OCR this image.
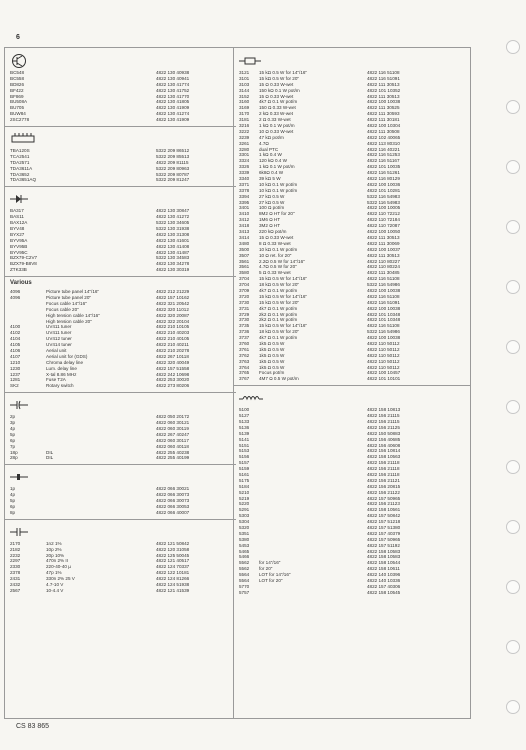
6
BC548	4822 130 40938
BC558	4822 130 40941
BD826	4822 130 41774
BF422	4822 130 41752
BF869	4822 130 41770
BU508A	4822 130 41805
BU705	4822 130 41909
BUW84	4822 130 41274
2SC2778	4822 130 41909
TBA120S	5322 209 86512
TCA2541	5322 209 85513
TDA2571	4822 209 81115
TDA3611A	5322 209 80963
TDA3652	5322 209 80787
TDA3651AQ	5322 209 81247
BA317	4822 130 30847
BAS11	4822 130 41272
BAX12A	5322 130 34605
BYV48	5322 130 31938
BYX27	4822 130 31308
BYV95A	4822 130 41601
BYV95B	4822 130 41408
BYV95C	4822 130 41487
BZX79-C2V7	5322 130 34583
BZX79-B8V8	4822 130 34278
ZTK33B	4822 130 30319
Various
4096	Picture tube panel 14"/16"	4822 212 21229
4096	Picture tube panel 20"	4822 157 10162
Focus cable 14"/16"	4822 321 20542
Focus cable 20"	4822 320 11012
High tension cable 14"/16"	4822 320 20087
High tension cable 20"	4822 322 20104
4100	UV411 tuner	4822 210 10105
4102	UV411 tuner	4822 210 40203
4104	UV412 tuner	4822 210 40105
4105	UV414 tuner	4822 210 40211
4106	Aerial unit	4822 210 20278
4107	Aerial unit for (GDS)	4822 267 10118
1210	Chroma delay line	4822 320 40049
1230	Lum. delay line	4822 157 51558
1237	X-tal 8.86 MHz	4822 242 10698
1281	Fuse T2A	4822 253 30020
SK2	Rotary switch	4822 273 80206
2p	4822 050 20172
3p	4822 060 30121
4p	4822 060 30119
5p	4822 267 40247
6p	4822 060 30117
7p	4822 060 40118
18p	DIL	4822 255 40238
28p	DIL	4822 255 40199
1p	4822 066 30021
4p	4822 066 30073
5p	4822 066 30073
6p	4822 066 30053
8p	4822 066 40007
2170	1n2 1%	4822 121 50842
2182	10p 2%	4822 120 31058
2232	20p 10%	4822 125 50045
2297	470n 2% II	4822 121 40517
2330	220-40-40 µ	4822 124 70337
2378	47p 1%	4822 122 10181
2431	330n 2% 25 V	4822 124 81266
2432	4.7-10 V	4822 124 51938
2567	10-4.4 V	4822 121 41539
3121	15 kΩ 0.5 W for 14"/16"	4822 116 51108
3101	15 kΩ 0.5 W for 20"	4822 116 51091
3103	15 Ω 0.33 W-wet	4822 111 30513
3144	150 kΩ 0.1 W pot/m	4822 101 10352
3152	15 Ω 0.33 W-wet	4822 111 30513
3160	4k7 Ω 0.1 W pot/m	4822 100 10038
3169	150 Ω 0.33 W-wet	4822 111 30525
3170	2 kΩ 0.33 W-wet	4822 111 30593
3181	2 Ω 0.33 W-wet	4822 111 30181
3216	1 kΩ 0.1 W pot/m	4822 100 10304
3222	10 Ω 0.33 W-wet	4822 111 30508
3239	47 kΩ pot/m	4822 102 40065
3261	4.7Ω	4822 113 80310
3280	dual PTC	4822 116 40221
3301	1 kΩ 0.4 W	4822 116 51253
3324	120 kΩ 0.4 W	4822 116 51167
3326	1 kΩ 0.1 W pot/m	4822 101 10035
3339	6k8Ω 0.4 W	4822 116 51261
3340	39 kΩ 5 W	4822 116 80129
3371	10 kΩ 0.1 W pot/m	4822 100 10036
3378	10 kΩ 0.1 W pot/m	4822 101 10281
3394	27 kΩ 0.5 W	5322 116 54983
3395	27 kΩ 0.5 W	5322 116 54983
3401	100 Ω pot/m	4822 100 10005
3410	8M2 Ω HT for 20"	4822 110 72212
3412	1M6 Ω HT	4822 110 72184
3418	3M2 Ω HT	4822 110 72087
3413	220 kΩ pot/m	4822 100 10050
3414	15 Ω 0.33 W-wet	4822 111 30513
3480	8 Ω 0.33 W-wet	4822 111 30069
3500	10 kΩ 0.1 W pot/m	4822 100 10037
3507	10 Ω ret. for 20"	4822 111 30513
3561	2.2Ω 0.5 W for 14"/16"	4822 110 80227
3561	4.7Ω 0.5 W for 20"	4822 110 80224
3580	5 Ω 0.33 W-wet	4822 111 30485
3704	15 kΩ 0.5 W for 14"/16"	4822 116 51108
3704	18 kΩ 0.5 W for 20"	5322 116 54986
3709	4k7 Ω 0.1 W pot/m	4822 100 10038
3720	15 kΩ 0.5 W for 14"/16"	4822 116 51108
3730	15 kΩ 0.5 W for 20"	4822 116 51091
3731	4k7 Ω 0.1 W pot/m	4822 100 10038
3729	2k2 Ω 0.1 W pot/m	4822 101 10348
3730	2k2 Ω 0.1 W pot/m	4822 101 10348
3735	15 kΩ 0.5 W for 14"/16"	4822 116 51108
3736	18 kΩ 0.5 W for 20"	5322 116 54986
3737	4k7 Ω 0.1 W pot/m	4822 100 10038
3760	1k5 Ω 0.5 W	4822 110 50112
3761	1k5 Ω 0.5 W	4822 110 50112
3762	1k5 Ω 0.5 W	4822 110 50112
3763	1k5 Ω 0.5 W	4822 110 50112
3764	1k5 Ω 0.5 W	4822 110 50112
3765	Focus pot/m	4822 100 10457
3767	4M7 Ω 0.5 W pot/m	4822 101 10101
5100	4822 158 10813
5127	4822 156 21115
5133	4822 156 21115
5136	4822 156 21125
5139	4822 150 50883
5141	4822 156 40685
5151	4822 156 40608
5153	4822 156 10814
5156	4822 158 10563
5157	4822 156 21118
5159	4822 156 21118
5161	4822 156 21118
5175	4822 156 21121
5184	4822 156 20815
5210	4822 156 21122
5219	4822 157 50965
5220	4822 156 21123
5291	4822 158 10561
5303	4822 157 50842
5304	4822 157 51218
5320	4822 157 51380
5351	4822 157 40379
5380	4822 157 50965
5453	4822 157 51192
5465	4822 158 10583
5466	4822 158 10583
5562	for 14"/16"	4822 158 10544
5562	for 20"	4822 158 10611
5564	LOT for 14"/16"	4822 140 10396
5564	LOT for 20"	4822 140 10336
5770	4822 157 40306
5757	4822 158 10545
CS 83 865
